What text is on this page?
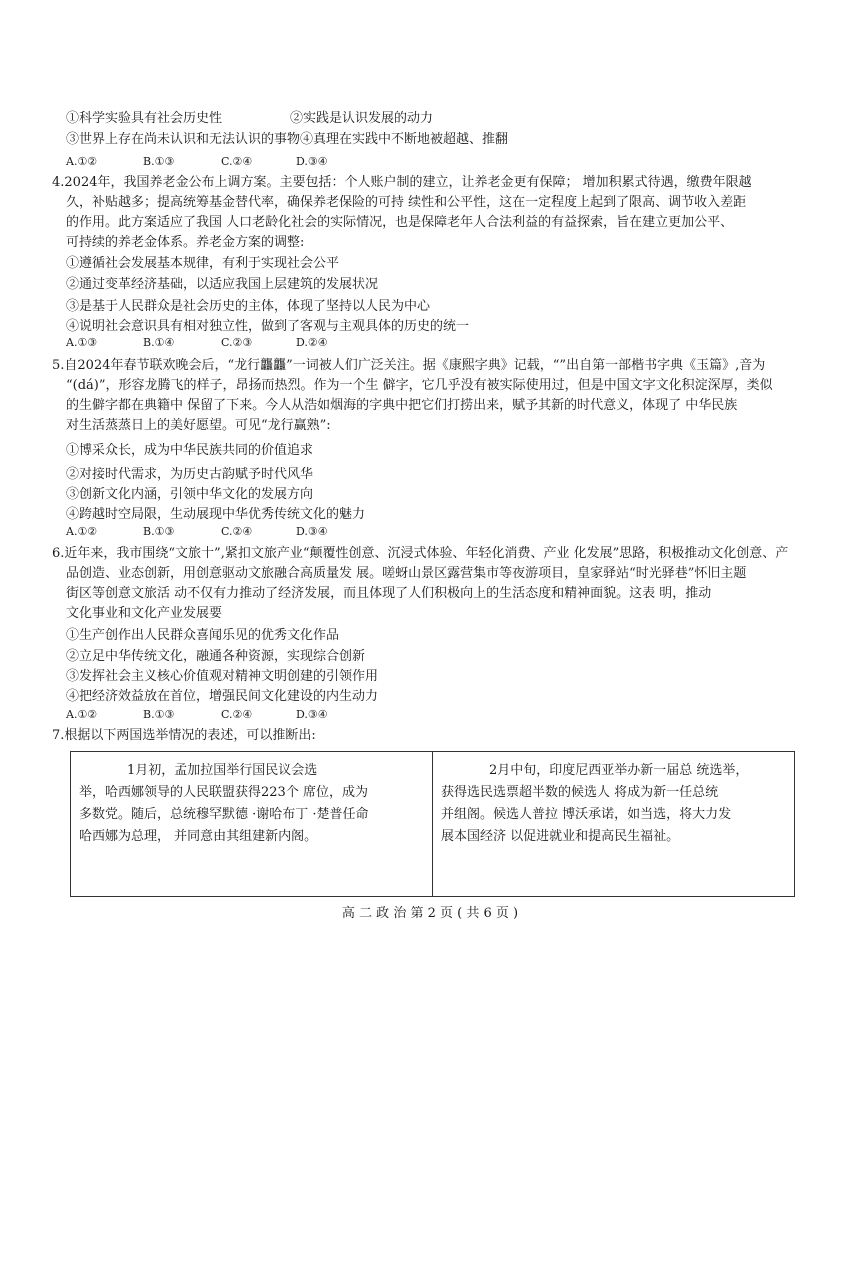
①科学实验具有社会历史性	②实践是认识发展的动力
③世界上存在尚未认识和无法认识的事物④真理在实践中不断地被超越、推翻
A.①②	B.①③	C.②④	D.③④
4.2024年，我国养老金公布上调方案。主要包括：个人账户制的建立，让养老金更有保障； 增加积累式待遇，缴费年限越
久，补贴越多；提高统筹基金替代率，确保养老保险的可持 续性和公平性，这在一定程度上起到了限高、调节收入差距
的作用。此方案适应了我国 人口老龄化社会的实际情况，也是保障老年人合法利益的有益探索，旨在建立更加公平、
可持续的养老金体系。养老金方案的调整:
①遵循社会发展基本规律，有利于实现社会公平
②通过变革经济基础，以适应我国上层建筑的发展状况
③是基于人民群众是社会历史的主体，体现了坚持以人民为中心
④说明社会意识具有相对独立性，做到了客观与主观具体的历史的统一
A.①③	B.①④	C.②③	D.②④
5.自2024年春节联欢晚会后，“龙行龘龘”一词被人们广泛关注。据《康熙字典》记载，“”出自第一部楷书字典《玉篇》,音为
“(dá)”，形容龙腾飞的样子，昂扬而热烈。作为一个生 僻字，它几乎没有被实际使用过，但是中国文字文化积淀深厚，类似
的生僻字都在典籍中 保留了下来。今人从浩如烟海的字典中把它们打捞出来，赋予其新的时代意义，体现了 中华民族
对生活蒸蒸日上的美好愿望。可见“龙行赢熟”:
①博采众长，成为中华民族共同的价值追求
②对接时代需求，为历史古韵赋予时代风华
③创新文化内涵，引领中华文化的发展方向
④跨越时空局限，生动展现中华优秀传统文化的魅力
A.①②	B.①③	C.②④	D.③④
6.近年来，我市围绕“文旅十”,紧扣文旅产业“颠覆性创意、沉浸式体验、年轻化消费、产业 化发展”思路，积极推动文化创意、产
品创造、业态创新，用创意驱动文旅融合高质量发 展。嗟蚜山景区露营集市等夜游项目，皇家驿站“时光驿巷”怀旧主题
街区等创意文旅活 动不仅有力推动了经济发展，而且体现了人们积极向上的生活态度和精神面貌。这表 明，推动
文化事业和文化产业发展要
①生产创作出人民群众喜闻乐见的优秀文化作品
②立足中华传统文化，融通各种资源，实现综合创新
③发挥社会主义核心价值观对精神文明创建的引领作用
④把经济效益放在首位，增强民间文化建设的内生动力
A.①②	B.①③	C.②④	D.③④
7.根据以下两国选举情况的表述，可以推断出:
1月初，孟加拉国举行国民议会选
举，哈西娜领导的人民联盟获得223个 席位，成为
多数党。随后，总统穆罕默德 ·谢哈布丁 ·楚普任命
哈西娜为总理， 并同意由其组建新内阁。

2月中旬，印度尼西亚举办新一届总 统选举，
获得选民选票超半数的候选人 将成为新一任总统
并组阁。候选人普拉 博沃承诺，如当选，将大力发
展本国经济 以促进就业和提高民生福祉。
高 二 政 治 第 2 页 ( 共 6 页 )
